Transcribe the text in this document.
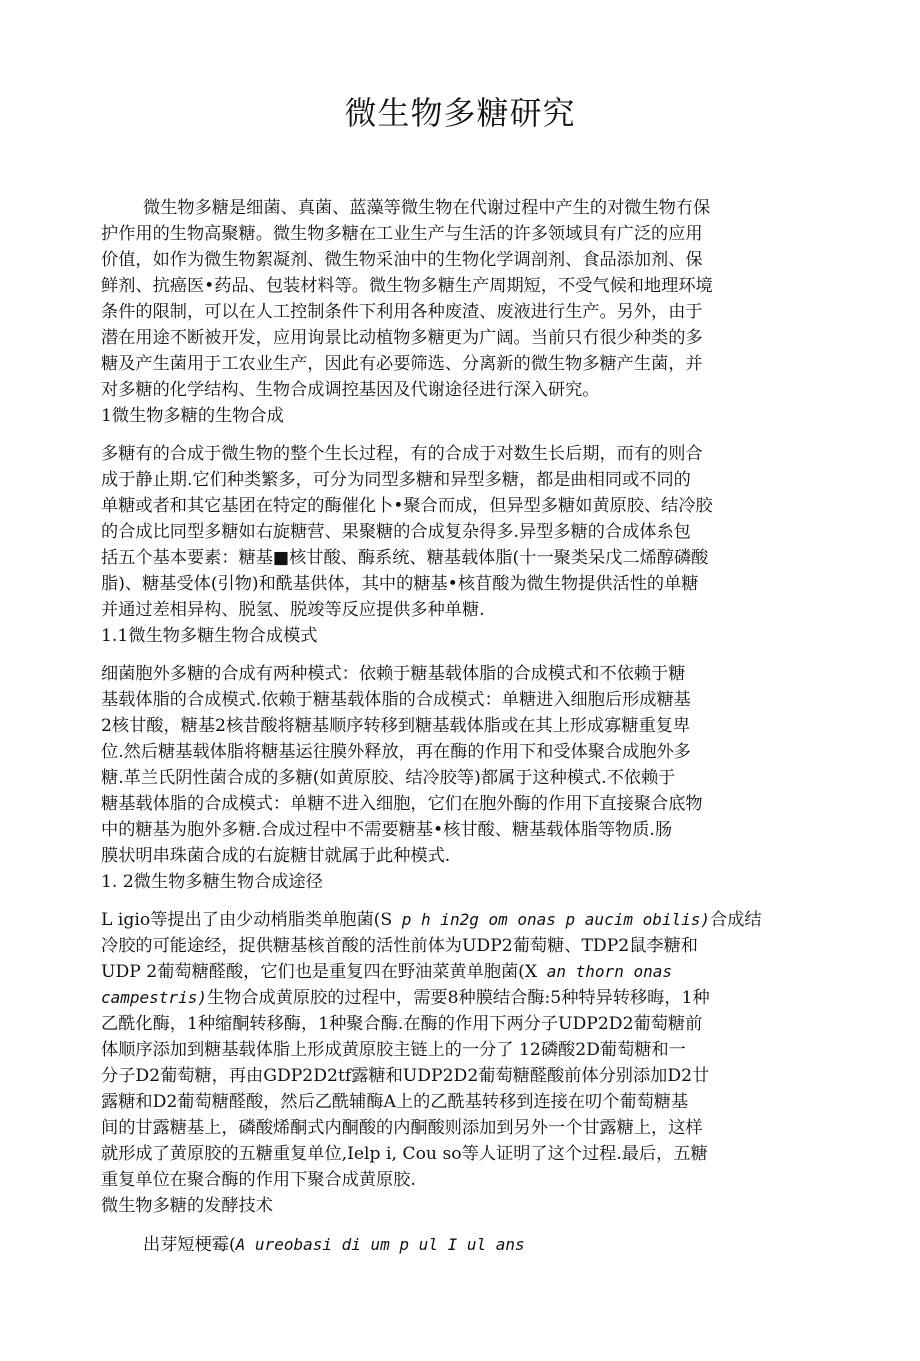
微生物多糖研究
微生物多糖是细菌、真菌、蓝藻等微生物在代谢过程中产生的对微生物冇保
护作用的生物高聚糖。微生物多糖在工业生产与生活的许多领域貝有广泛的应用
价值，如作为微生物絮凝剂、微生物采油中的生物化学调剖剂、食品添加剂、保
鲜剂、抗癌医•药品、包装材料等。微生物多糖生产周期短，不受气候和地理环境
条件的限制，可以在人工控制条件下利用各种废渣、废液进行生产。另外，由于
潜在用途不断被开发，应用询景比动植物多糖更为广阔。当前只冇很少种类的多
糖及产生菌用于工农业生产，因此有必要筛选、分离新的微生物多糖产生菌，并
对多糖的化学结构、生物合成调控基因及代谢途径进行深入研究。
1微生物多糖的生物合成
多糖有的合成于微生物的整个生长过程，有的合成于对数生长后期，而有的则合
成于静止期.它们种类繁多，可分为同型多糖和异型多糖，都是曲相同或不同的
单糖或者和其它基团在特定的酶催化卜•聚合而成，但异型多糖如黄原胶、结冷胶
的合成比同型多糖如右旋糖营、果聚糖的合成复杂得多.异型多糖的合成体糸包
括五个基本要素：糖基■核甘酸、酶系统、糖基载体脂(十一聚类呆戊二烯醇磷酸
脂)、糖基受体(引物)和酰基供体，其中的糖基•核苜酸为微生物提供活性的单糖
并通过差相异构、脱氢、脱竣等反应提供多种单糖.
1.1微生物多糖生物合成模式
细菌胞外多糖的合成有两种模式：依赖于糖基载体脂的合成模式和不依赖于糖
基载体脂的合成模式.依赖于糖基载体脂的合成模式：单糖进入细胞后形成糖基
2核甘酸，糖基2核昔酸将糖基顺序转移到糖基载体脂或在其上形成寡糖重复卑
位.然后糖基载体脂将糖基运往膜外释放，再在酶的作用下和受体聚合成胞外多
糖.革兰氏阴性菌合成的多糖(如黄原胶、结冷胶等)都属于这种模式.不依赖于
糖基载体脂的合成模式：单糖不进入细胞，它们在胞外酶的作用下直接聚合底物
中的糖基为胞外多糖.合成过程中不需要糖基•核甘酸、糖基载体脂等物质.肠
膜状明串珠菌合成的右旋糖甘就属于此种模式.
1. 2微生物多糖生物合成途径
L igio等提出了由少动梢脂类单胞菌(S p h in2g om onas p aucim obilis)合成结
冷胶的可能途经，捉供糖基核首酸的活性前体为UDP2葡萄糖、TDP2鼠李糖和
UDP 2葡萄糖醛酸，它们也是重复四在野油菜黄单胞菌(X an thorn onas
campestris)生物合成黄原胶的过程中，需要8种膜结合酶:5种特异转移晦，1种
乙酰化酶，1种缩酮转移酶，1种聚合酶.在酶的作用下两分子UDP2D2葡萄糖前
体顺序添加到糖基载体脂上形成黄原胶主链上的一分了 12磷酸2D葡萄糖和一
分子D2葡萄糖，再由GDP2D2tf露糖和UDP2D2葡萄糖醛酸前体分别添加D2廿
露糖和D2葡萄糖醛酸，然后乙酰辅酶A上的乙酰基转移到连接在叨个葡萄糖基
间的甘露糖基上，磷酸烯酮式内酮酸的内酮酸则添加到另外一个甘露糖上，这样
就形成了黄原胶的五糖重复单位,Ielp i, Cou so等人证明了这个过程.最后，五糖
重复单位在聚合酶的作用下聚合成黄原胶.
微生物多糖的发酵技术
出芽短梗霉(A ureobasi di um p ul I ul ans
